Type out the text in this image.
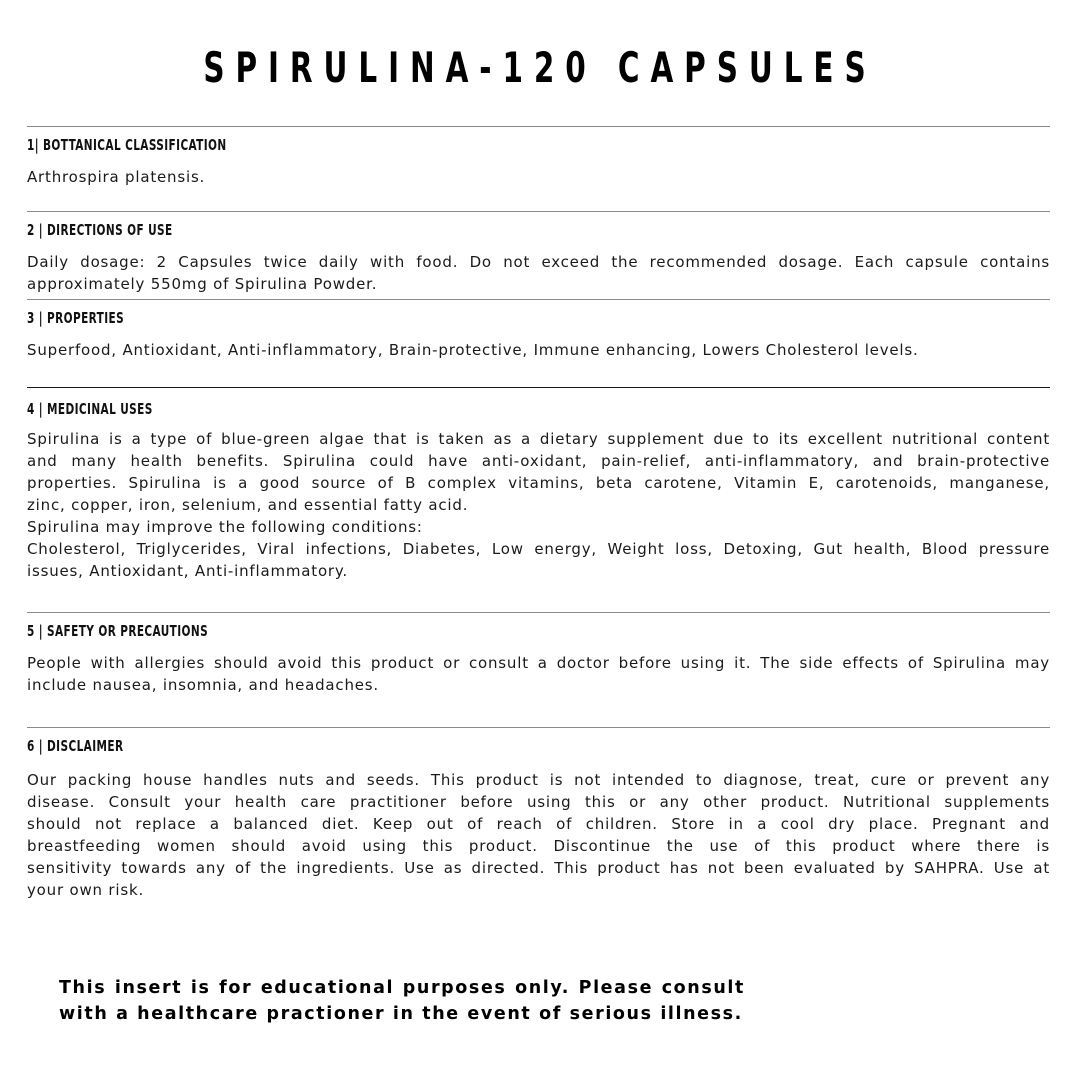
SPIRULINA-120 CAPSULES
1| BOTTANICAL CLASSIFICATION
Arthrospira platensis.
2 | DIRECTIONS OF USE
Daily dosage: 2 Capsules twice daily with food. Do not exceed the recommended dosage. Each capsule contains
approximately 550mg of Spirulina Powder.
3 | PROPERTIES
Superfood, Antioxidant, Anti-inflammatory, Brain-protective, Immune enhancing, Lowers Cholesterol levels.
4 | MEDICINAL USES
Spirulina is a type of blue-green algae that is taken as a dietary supplement due to its excellent nutritional content
and many health benefits. Spirulina could have anti-oxidant, pain-relief, anti-inflammatory, and brain-protective
properties. Spirulina is a good source of B complex vitamins, beta carotene, Vitamin E, carotenoids, manganese,
zinc, copper, iron, selenium, and essential fatty acid.
Spirulina may improve the following conditions:
Cholesterol, Triglycerides, Viral infections, Diabetes, Low energy, Weight loss, Detoxing, Gut health, Blood pressure
issues, Antioxidant, Anti-inflammatory.
5 | SAFETY OR PRECAUTIONS
People with allergies should avoid this product or consult a doctor before using it. The side effects of Spirulina may
include nausea, insomnia, and headaches.
6 | DISCLAIMER
Our packing house handles nuts and seeds. This product is not intended to diagnose, treat, cure or prevent any
disease. Consult your health care practitioner before using this or any other product. Nutritional supplements
should not replace a balanced diet. Keep out of reach of children. Store in a cool dry place. Pregnant and
breastfeeding women should avoid using this product. Discontinue the use of this product where there is
sensitivity towards any of the ingredients. Use as directed. This product has not been evaluated by SAHPRA. Use at
your own risk.
This insert is for educational purposes only. Please consult
with a healthcare practioner in the event of serious illness.
